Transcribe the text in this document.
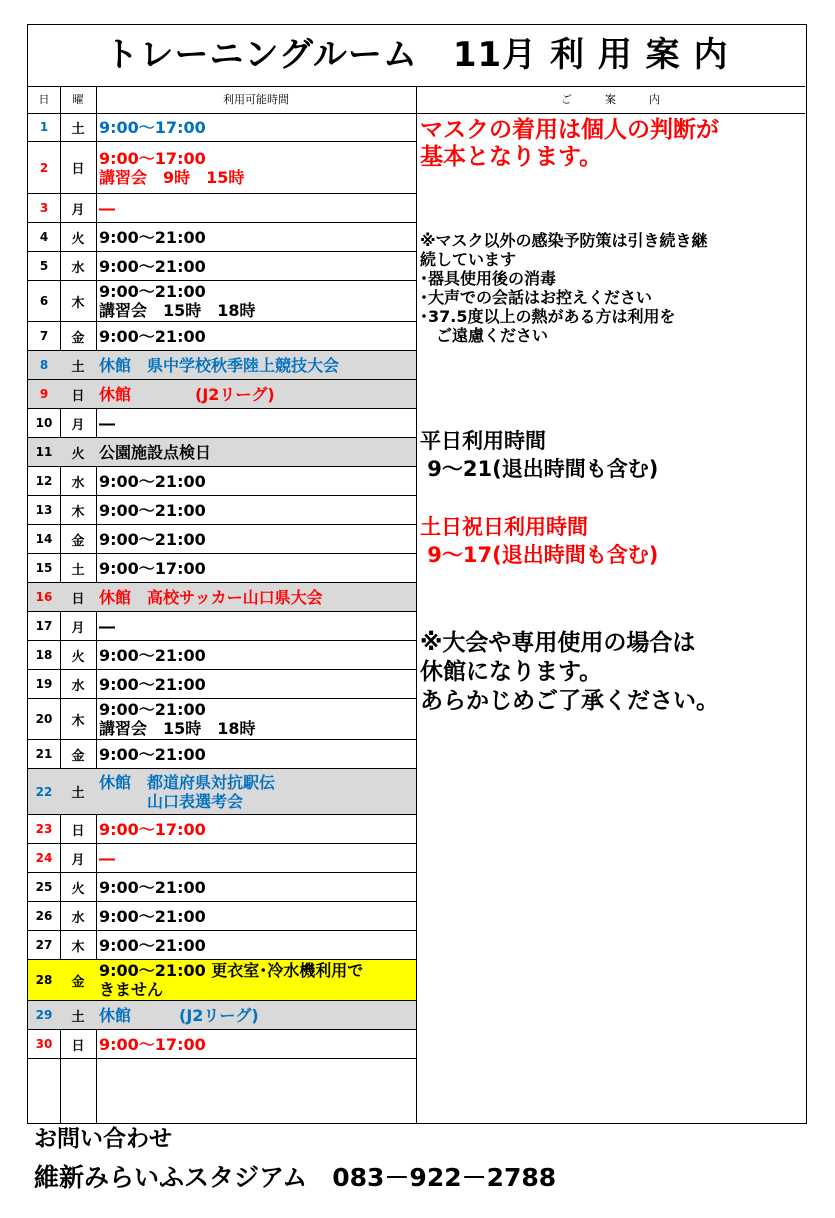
トレーニングルーム　11月 利 用 案 内
日	曜	利用可能時間	ご　　　案　　　内
1	土 9:00～17:00
2	日
9:00～17:00
講習会　9時　15時
3	月 ―
4	火 9:00～21:00
5	水 9:00～21:00
6	木
9:00～21:00
講習会　15時　18時
7	金 9:00～21:00
8	土 休館　県中学校秋季陸上競技大会
9	日 休館　　　　(J2リーグ)
10	月 ―
11	火 公園施設点検日
12	水 9:00～21:00
13	木 9:00～21:00
14	金 9:00～21:00
15	土 9:00～17:00
16	日 休館　高校サッカー山口県大会
17	月 ―
18	火 9:00～21:00
19	水 9:00～21:00
20	木
9:00～21:00
講習会　15時　18時
21	金 9:00～21:00
22	土
休館　都道府県対抗駅伝
　　　山口表選考会
23	日 9:00～17:00
24	月 ―
25	火 9:00～21:00
26	水 9:00～21:00
27	木 9:00～21:00
28	金
9:00～21:00 更衣室･冷水機利用で
きません
29	土 休館　　　(J2リーグ)
30	日 9:00～17:00
マスクの着用は個人の判断が
基本となります。
※マスク以外の感染予防策は引き続き継
続しています
･器具使用後の消毒
･大声での会話はお控えください
･37.5度以上の熱がある方は利用を
　ご遠慮ください
平日利用時間
9～21(退出時間も含む)
土日祝日利用時間
9～17(退出時間も含む)
※大会や専用使用の場合は
休館になります。
あらかじめご了承ください。
お問い合わせ
維新みらいふスタジアム　083－922－2788
